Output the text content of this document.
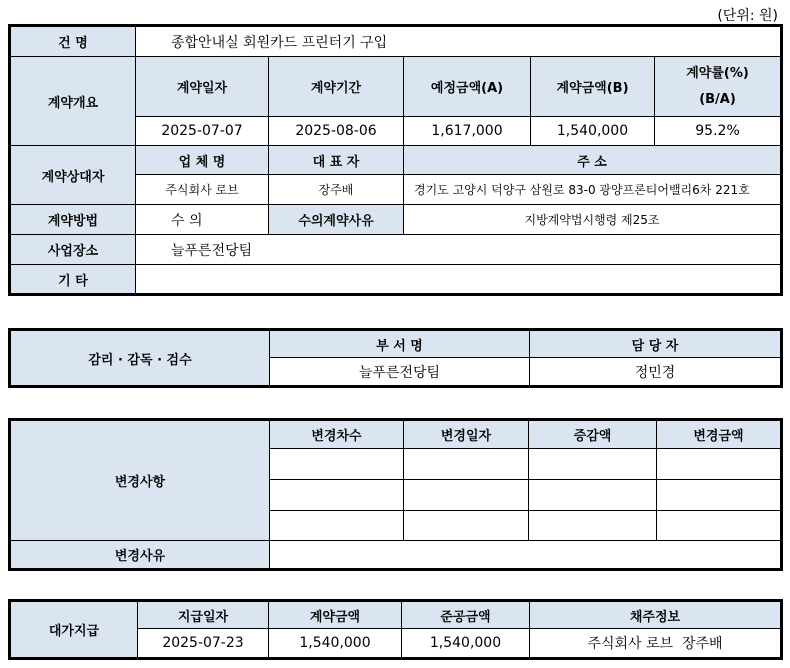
(단위: 원)
건 명	종합안내실 회원카드 프린터기 구입				
계약개요	계약일자	계약기간	예정금액(A)	계약금액(B)	계약률(%)
(B/A)

	2025-07-07	2025-08-06	1,617,000	1,540,000	95.2%
계약상대자	업 체 명	대 표 자	주 소		
	주식회사 로브	장주배	경기도 고양시 덕양구 삼원로 83-0 광양프론티어밸리6차 221호		
계약방법	수 의	수의계약사유	지방계약법시행령 제25조		
사업장소	늘푸른전당팀				
기 타					
감리 · 감독 · 검수	부 서 명	담 당 자
	늘푸른전당팀	정민경
변경사항	변경차수	변경일자	증감액	변경금액

변경사유				
대가지급	지급일자	계약금액	준공금액	채주정보
	2025-07-23	1,540,000	1,540,000	주식회사 로브  장주배
